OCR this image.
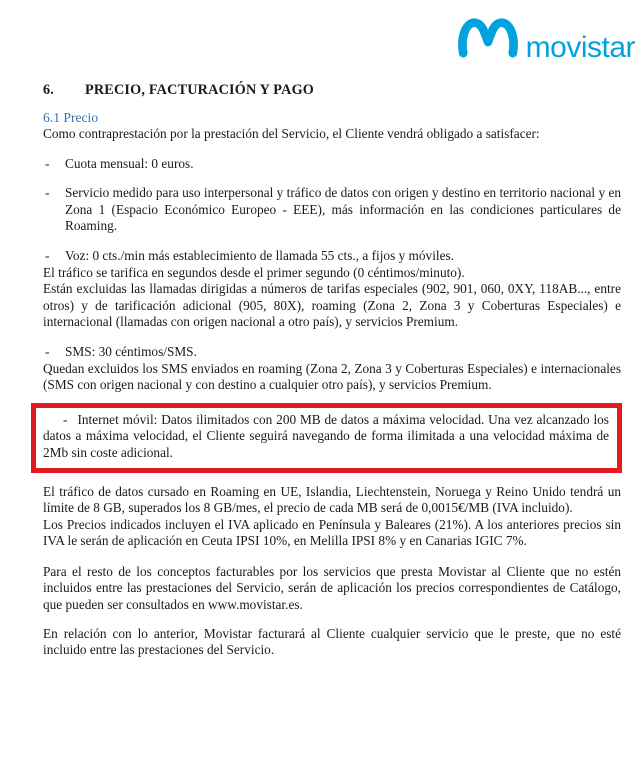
movistar
6.	PRECIO, FACTURACIÓN Y PAGO
6.1 Precio

Como contraprestación por la prestación del Servicio, el Cliente vendrá obligado a satisfacer:

- Cuota mensual: 0 euros.

- Servicio medido para uso interpersonal y tráfico de datos con origen y destino en territorio nacional y en Zona 1 (Espacio Económico Europeo - EEE), más información en las condiciones particulares de Roaming.

- Voz: 0 cts./min más establecimiento de llamada 55 cts., a fijos y móviles.

El tráfico se tarifica en segundos desde el primer segundo (0 céntimos/minuto).

Están excluidas las llamadas dirigidas a números de tarifas especiales (902, 901, 060, 0XY, 118AB..., entre otros) y de tarificación adicional (905, 80X), roaming (Zona 2, Zona 3 y Coberturas Especiales) e internacional (llamadas con origen nacional a otro país), y servicios Premium.

- SMS: 30 céntimos/SMS.

Quedan excluidos los SMS enviados en roaming (Zona 2, Zona 3 y Coberturas Especiales) e internacionales (SMS con origen nacional y con destino a cualquier otro país), y servicios Premium.

- Internet móvil: Datos ilimitados con 200 MB de datos a máxima velocidad. Una vez alcanzado los datos a máxima velocidad, el Cliente seguirá navegando de forma ilimitada a una velocidad máxima de 2Mb sin coste adicional.

El tráfico de datos cursado en Roaming en UE, Islandia, Liechtenstein, Noruega y Reino Unido tendrá un límite de 8 GB, superados los 8 GB/mes, el precio de cada MB será de 0,0015€/MB (IVA incluido).

Los Precios indicados incluyen el IVA aplicado en Península y Baleares (21%). A los anteriores precios sin IVA le serán de aplicación en Ceuta IPSI 10%, en Melilla IPSI 8% y en Canarias IGIC 7%.

Para el resto de los conceptos facturables por los servicios que presta Movistar al Cliente que no estén incluidos entre las prestaciones del Servicio, serán de aplicación los precios correspondientes de Catálogo, que pueden ser consultados en www.movistar.es.

En relación con lo anterior, Movistar facturará al Cliente cualquier servicio que le preste, que no esté incluido entre las prestaciones del Servicio.
